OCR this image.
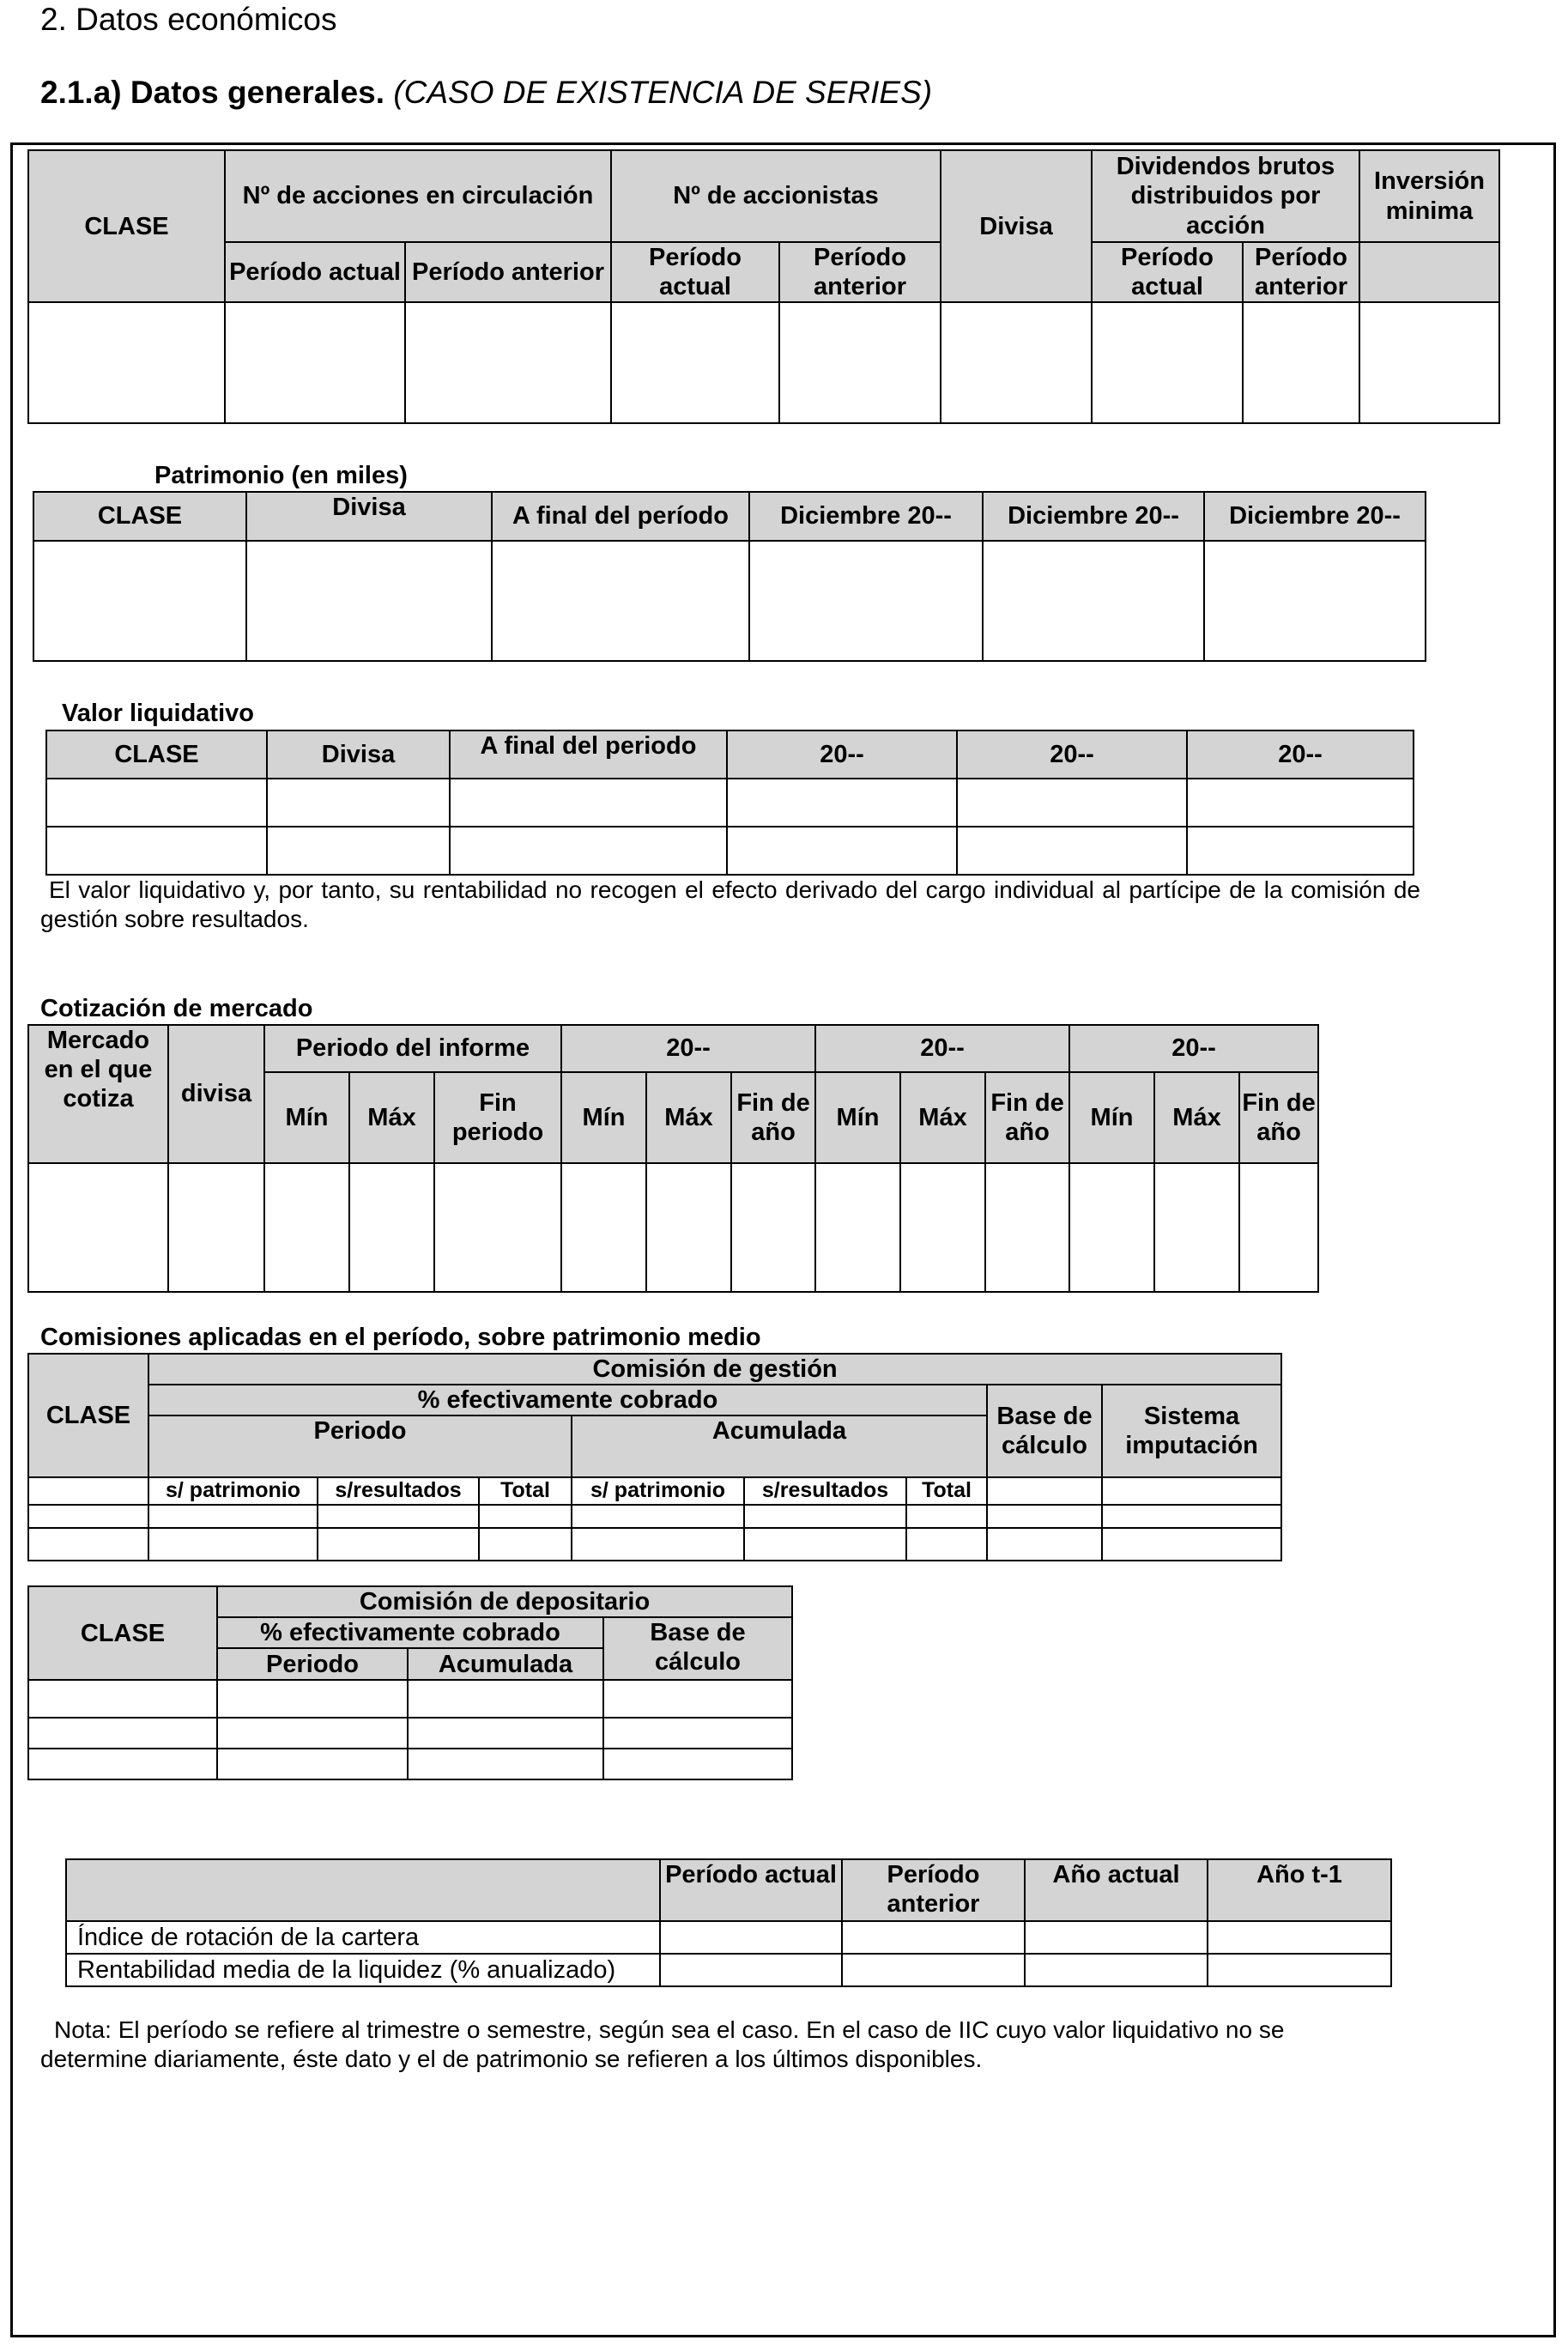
2. Datos económicos
2.1.a) Datos generales. (CASO DE EXISTENCIA DE SERIES)
CLASE	Nº de acciones en circulación		Nº de accionistas		Divisa	Dividendos brutos distribuidos por acción		Inversión minima
	Período actual	Período anterior	Período actual	Período anterior		Período actual	Período anterior	

Patrimonio (en miles)
CLASE	Divisa	A final del período	Diciembre 20--	Diciembre 20--	Diciembre 20--

Valor liquidativo
CLASE	Divisa	A final del periodo	20--	20--	20--

El valor liquidativo y, por tanto, su rentabilidad no recogen el efecto derivado del cargo individual al partícipe de la comisión de gestión sobre resultados.
Cotización de mercado
Mercado en el que cotiza	divisa	Periodo del informe			20--			20--			20--		
		Mín	Máx	Fin periodo	Mín	Máx	Fin de año	Mín	Máx	Fin de año	Mín	Máx	Fin de año

Comisiones aplicadas en el período, sobre patrimonio medio
CLASE	Comisión de gestión							
	% efectivamente cobrado						Base de cálculo	Sistema imputación
	Periodo			Acumulada				
	s/ patrimonio	s/resultados	Total	s/ patrimonio	s/resultados	Total		

CLASE	Comisión de depositario		
	% efectivamente cobrado		Base de cálculo
	Periodo	Acumulada	

	Período actual	Período anterior	Año actual	Año t-1
Índice de rotación de la cartera				
Rentabilidad media de la liquidez (% anualizado)				
Nota: El período se refiere al trimestre o semestre, según sea el caso. En el caso de IIC cuyo valor liquidativo no se determine diariamente, éste dato y el de patrimonio se refieren a los últimos disponibles.
